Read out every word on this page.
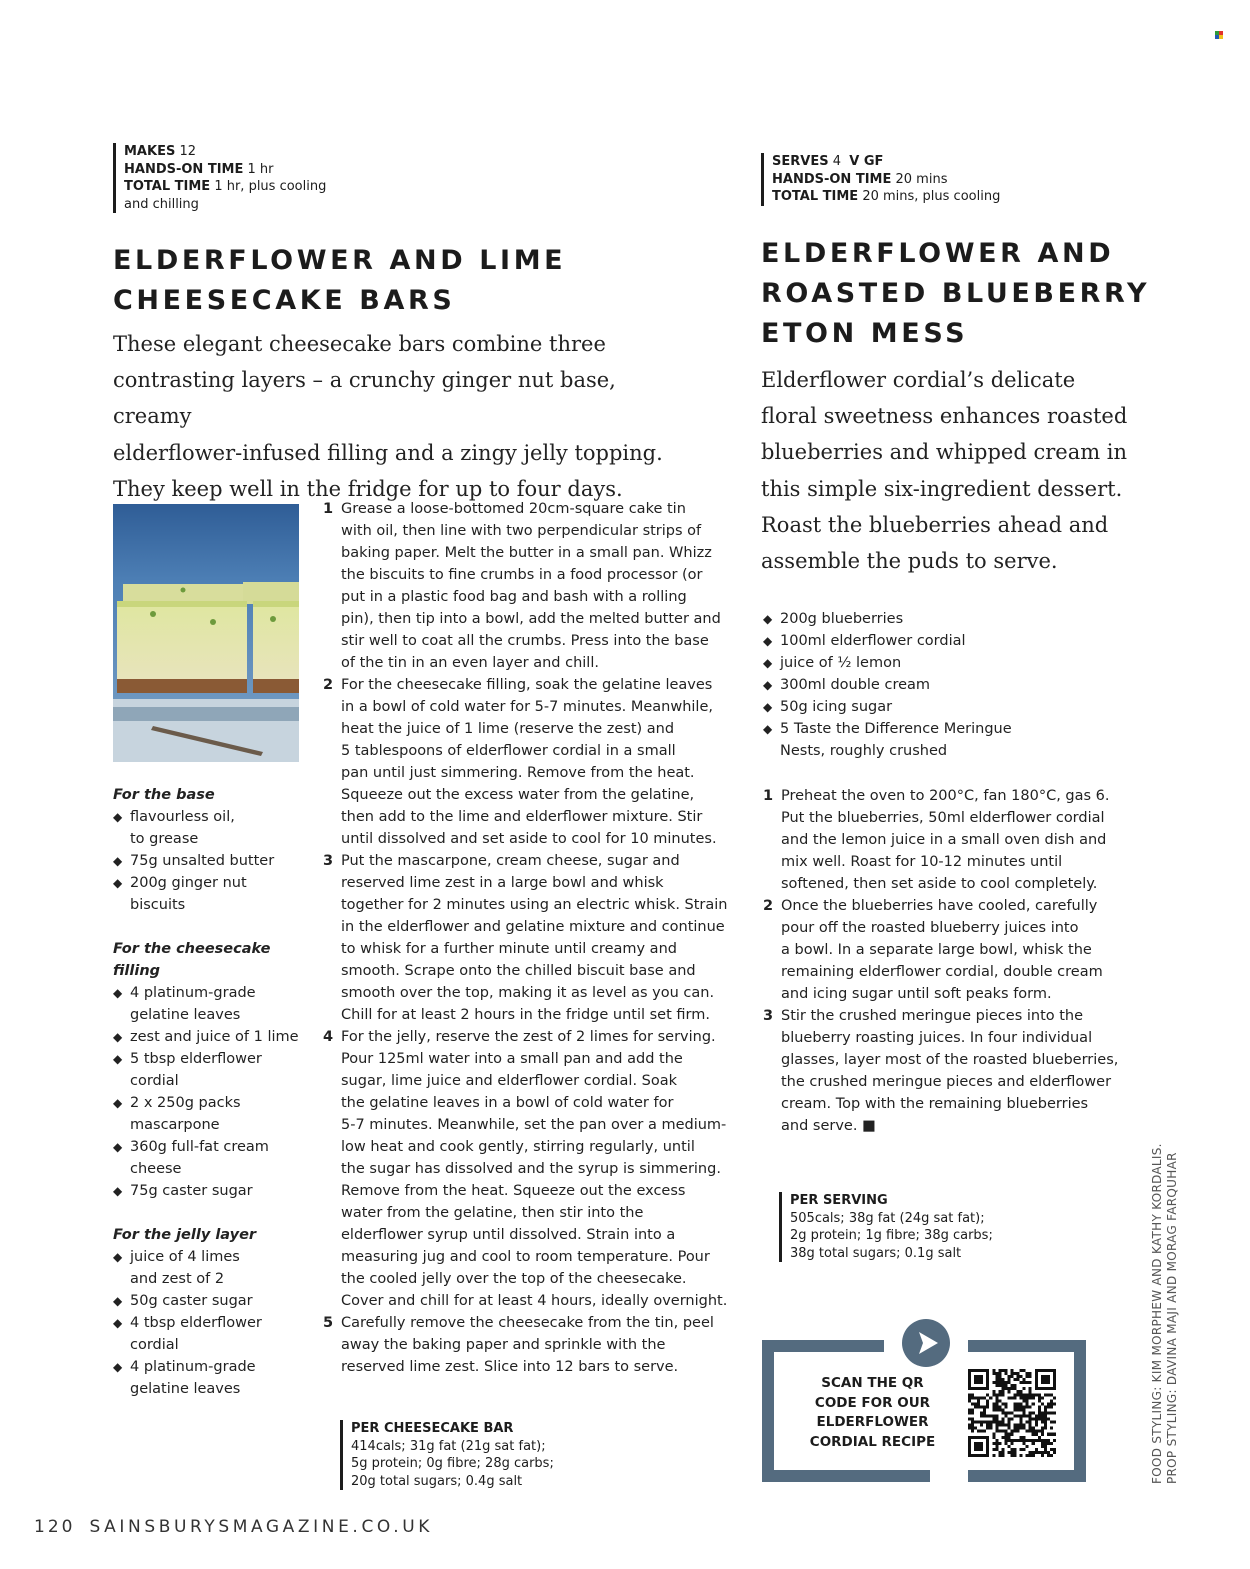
MAKES 12
HANDS-ON TIME 1 hr
TOTAL TIME 1 hr, plus cooling
and chilling
ELDERFLOWER AND LIME
CHEESECAKE BARS
These elegant cheesecake bars combine three
contrasting layers – a crunchy ginger nut base, creamy
elderflower-infused filling and a zingy jelly topping.
They keep well in the fridge for up to four days.
For the base
◆ flavourless oil,
to grease
◆ 75g unsalted butter
◆ 200g ginger nut
biscuits
For the cheesecake
filling
◆ 4 platinum-grade
gelatine leaves
◆ zest and juice of 1 lime
◆ 5 tbsp elderflower
cordial
◆ 2 x 250g packs
mascarpone
◆ 360g full-fat cream
cheese
◆ 75g caster sugar
For the jelly layer
◆ juice of 4 limes
and zest of 2
◆ 50g caster sugar
◆ 4 tbsp elderflower
cordial
◆ 4 platinum-grade
gelatine leaves
1 Grease a loose-bottomed 20cm-square cake tin
with oil, then line with two perpendicular strips of
baking paper. Melt the butter in a small pan. Whizz
the biscuits to fine crumbs in a food processor (or
put in a plastic food bag and bash with a rolling
pin), then tip into a bowl, add the melted butter and
stir well to coat all the crumbs. Press into the base
of the tin in an even layer and chill.
2 For the cheesecake filling, soak the gelatine leaves
in a bowl of cold water for 5-7 minutes. Meanwhile,
heat the juice of 1 lime (reserve the zest) and
5 tablespoons of elderflower cordial in a small
pan until just simmering. Remove from the heat.
Squeeze out the excess water from the gelatine,
then add to the lime and elderflower mixture. Stir
until dissolved and set aside to cool for 10 minutes.
3 Put the mascarpone, cream cheese, sugar and
reserved lime zest in a large bowl and whisk
together for 2 minutes using an electric whisk. Strain
in the elderflower and gelatine mixture and continue
to whisk for a further minute until creamy and
smooth. Scrape onto the chilled biscuit base and
smooth over the top, making it as level as you can.
Chill for at least 2 hours in the fridge until set firm.
4 For the jelly, reserve the zest of 2 limes for serving.
Pour 125ml water into a small pan and add the
sugar, lime juice and elderflower cordial. Soak
the gelatine leaves in a bowl of cold water for
5-7 minutes. Meanwhile, set the pan over a medium-
low heat and cook gently, stirring regularly, until
the sugar has dissolved and the syrup is simmering.
Remove from the heat. Squeeze out the excess
water from the gelatine, then stir into the
elderflower syrup until dissolved. Strain into a
measuring jug and cool to room temperature. Pour
the cooled jelly over the top of the cheesecake.
Cover and chill for at least 4 hours, ideally overnight.
5 Carefully remove the cheesecake from the tin, peel
away the baking paper and sprinkle with the
reserved lime zest. Slice into 12 bars to serve.
PER CHEESECAKE BAR
414cals; 31g fat (21g sat fat);
5g protein; 0g fibre; 28g carbs;
20g total sugars; 0.4g salt
SERVES 4 V GF
HANDS-ON TIME 20 mins
TOTAL TIME 20 mins, plus cooling
ELDERFLOWER AND
ROASTED BLUEBERRY
ETON MESS
Elderflower cordial’s delicate
floral sweetness enhances roasted
blueberries and whipped cream in
this simple six-ingredient dessert.
Roast the blueberries ahead and
assemble the puds to serve.
◆ 200g blueberries
◆ 100ml elderflower cordial
◆ juice of ½ lemon
◆ 300ml double cream
◆ 50g icing sugar
◆ 5 Taste the Difference Meringue
Nests, roughly crushed
1 Preheat the oven to 200°C, fan 180°C, gas 6.
Put the blueberries, 50ml elderflower cordial
and the lemon juice in a small oven dish and
mix well. Roast for 10-12 minutes until
softened, then set aside to cool completely.
2 Once the blueberries have cooled, carefully
pour off the roasted blueberry juices into
a bowl. In a separate large bowl, whisk the
remaining elderflower cordial, double cream
and icing sugar until soft peaks form.
3 Stir the crushed meringue pieces into the
blueberry roasting juices. In four individual
glasses, layer most of the roasted blueberries,
the crushed meringue pieces and elderflower
cream. Top with the remaining blueberries
and serve. ■
PER SERVING
505cals; 38g fat (24g sat fat);
2g protein; 1g fibre; 38g carbs;
38g total sugars; 0.1g salt
SCAN THE QR
CODE FOR OUR
ELDERFLOWER
CORDIAL RECIPE	FOOD STYLING: KIM MORPHEW AND KATHY KORDALIS. PROP STYLING: DAVINA MAJI AND MORAG FARQUHAR
120 SAINSBURYSMAGAZINE.CO.UK
